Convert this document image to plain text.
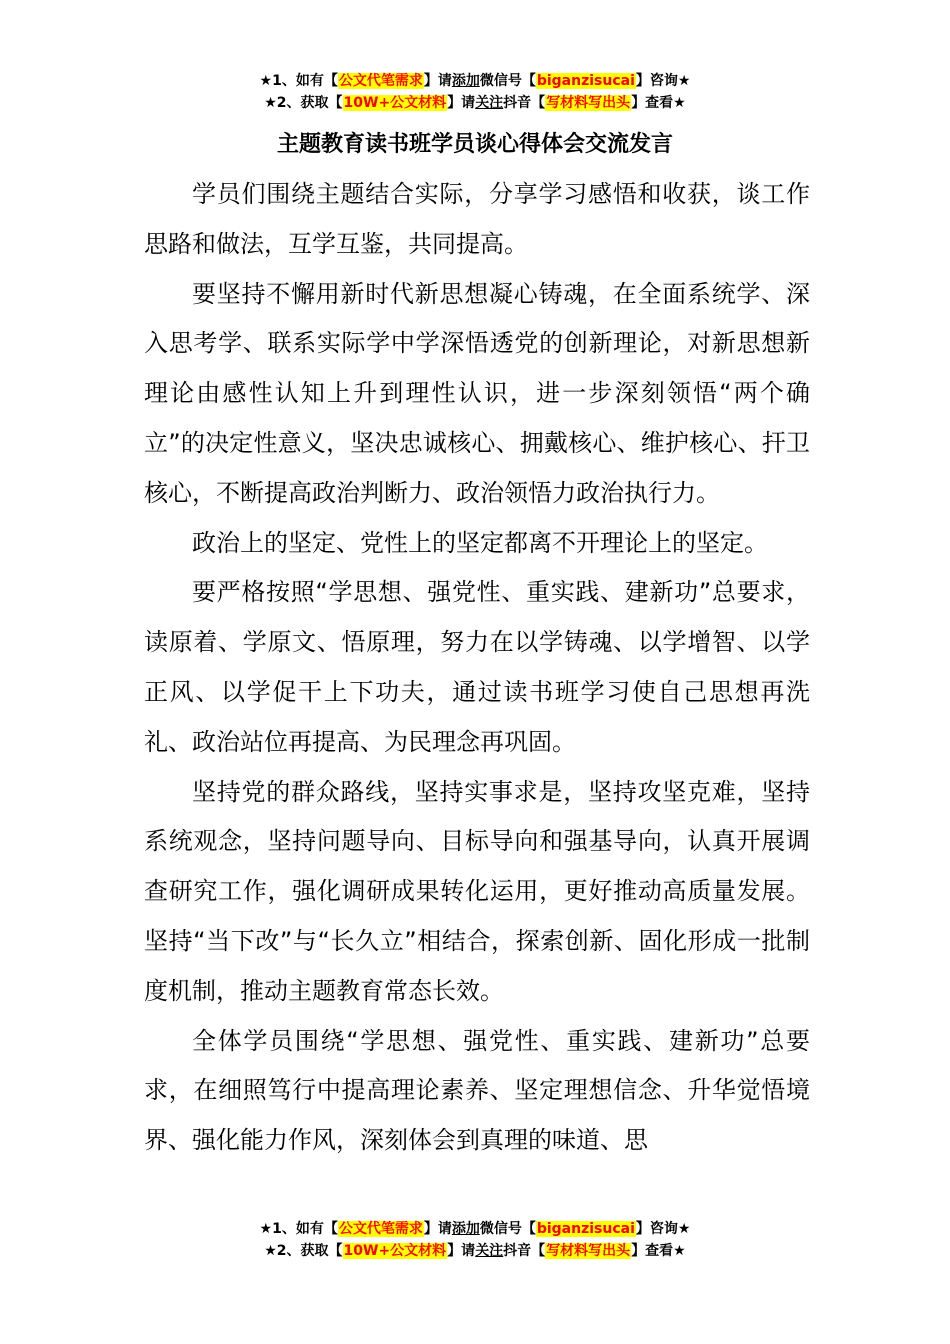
★1、如有【公文代笔需求】请添加微信号【biganzisucai】咨询★
★2、获取【10W+公文材料】请关注抖音【写材料写出头】查看★
主题教育读书班学员谈心得体会交流发言

学员们围绕主题结合实际，分享学习感悟和收获，谈工作思路和做法，互学互鉴，共同提高。

要坚持不懈用新时代新思想凝心铸魂，在全面系统学、深入思考学、联系实际学中学深悟透党的创新理论，对新思想新理论由感性认知上升到理性认识，进一步深刻领悟“两个确立”的决定性意义，坚决忠诚核心、拥戴核心、维护核心、扞卫核心，不断提高政治判断力、政治领悟力政治执行力。

政治上的坚定、党性上的坚定都离不开理论上的坚定。

要严格按照“学思想、强党性、重实践、建新功”总要求，读原着、学原文、悟原理，努力在以学铸魂、以学增智、以学正风、以学促干上下功夫，通过读书班学习使自己思想再洗礼、政治站位再提高、为民理念再巩固。

坚持党的群众路线，坚持实事求是，坚持攻坚克难，坚持系统观念，坚持问题导向、目标导向和强基导向，认真开展调查研究工作，强化调研成果转化运用，更好推动高质量发展。坚持“当下改”与“长久立”相结合，探索创新、固化形成一批制度机制，推动主题教育常态长效。

全体学员围绕“学思想、强党性、重实践、建新功”总要求，在细照笃行中提高理论素养、坚定理想信念、升华觉悟境界、强化能力作风，深刻体会到真理的味道、思

★1、如有【公文代笔需求】请添加微信号【biganzisucai】咨询★
★2、获取【10W+公文材料】请关注抖音【写材料写出头】查看★
